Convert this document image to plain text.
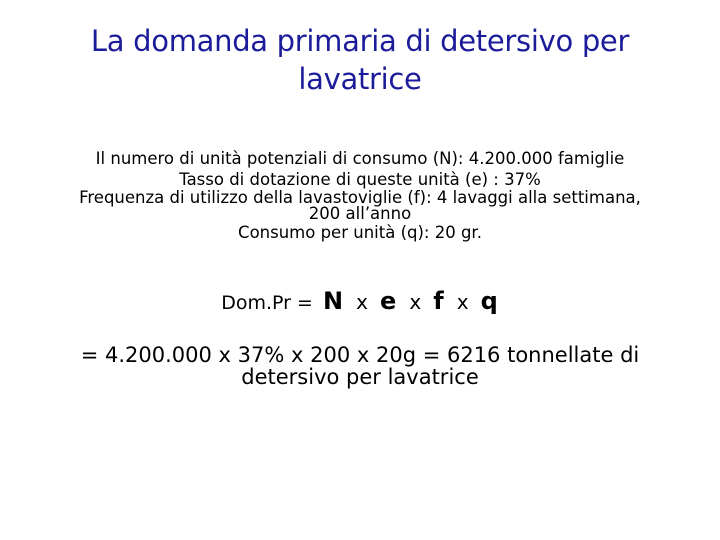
La domanda primaria di detersivo per
lavatrice
Il numero di unità potenziali di consumo (N): 4.200.000 famiglie
Tasso di dotazione di queste unità (e) : 37%
Frequenza di utilizzo della lavastoviglie (f): 4 lavaggi alla settimana,
200 all’anno
Consumo per unità (q): 20 gr.
Dom.Pr = N x e x f x q
= 4.200.000 x 37% x 200 x 20g = 6216 tonnellate di
detersivo per lavatrice
